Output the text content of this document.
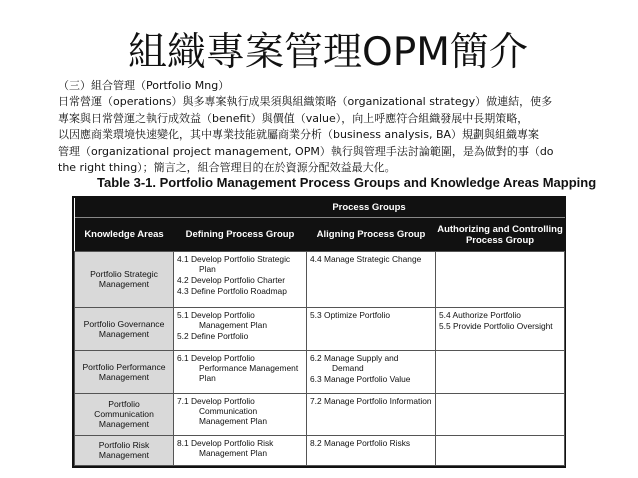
組織專案管理OPM簡介
（三）組合管理（Portfolio Mng）
日常營運（operations）與多專案執行成果須與組織策略（organizational strategy）做連結，使多
專案與日常營運之執行成效益（benefit）與價值（value），向上呼應符合組織發展中長期策略，
以因應商業環境快速變化，其中專業技能就屬商業分析（business analysis, BA）規劃與組織專案
管理（organizational project management, OPM）執行與管理手法討論範圍，是為做對的事（do
the right thing）；簡言之，組合管理目的在於資源分配效益最大化。
Table 3-1. Portfolio Management Process Groups and Knowledge Areas Mapping
	Process Groups		
Knowledge Areas	Defining Process Group	Aligning Process Group	Authorizing and Controlling Process Group
Portfolio Strategic Management	4.1 Develop Portfolio Strategic Plan
4.2 Develop Portfolio Charter
4.3 Define Portfolio Roadmap	4.4 Manage Strategic Change	

Portfolio Governance Management	5.1 Develop Portfolio Management Plan
5.2 Define Portfolio	5.3 Optimize Portfolio	5.4 Authorize Portfolio
5.5 Provide Portfolio Oversight

Portfolio Performance Management	6.1 Develop Portfolio Performance Management Plan	6.2 Manage Supply and Demand
6.3 Manage Portfolio Value	

Portfolio Communication Management	7.1 Develop Portfolio Communication Management Plan	7.2 Manage Portfolio Information	

Portfolio Risk Management	8.1 Develop Portfolio Risk Management Plan	8.2 Manage Portfolio Risks	
